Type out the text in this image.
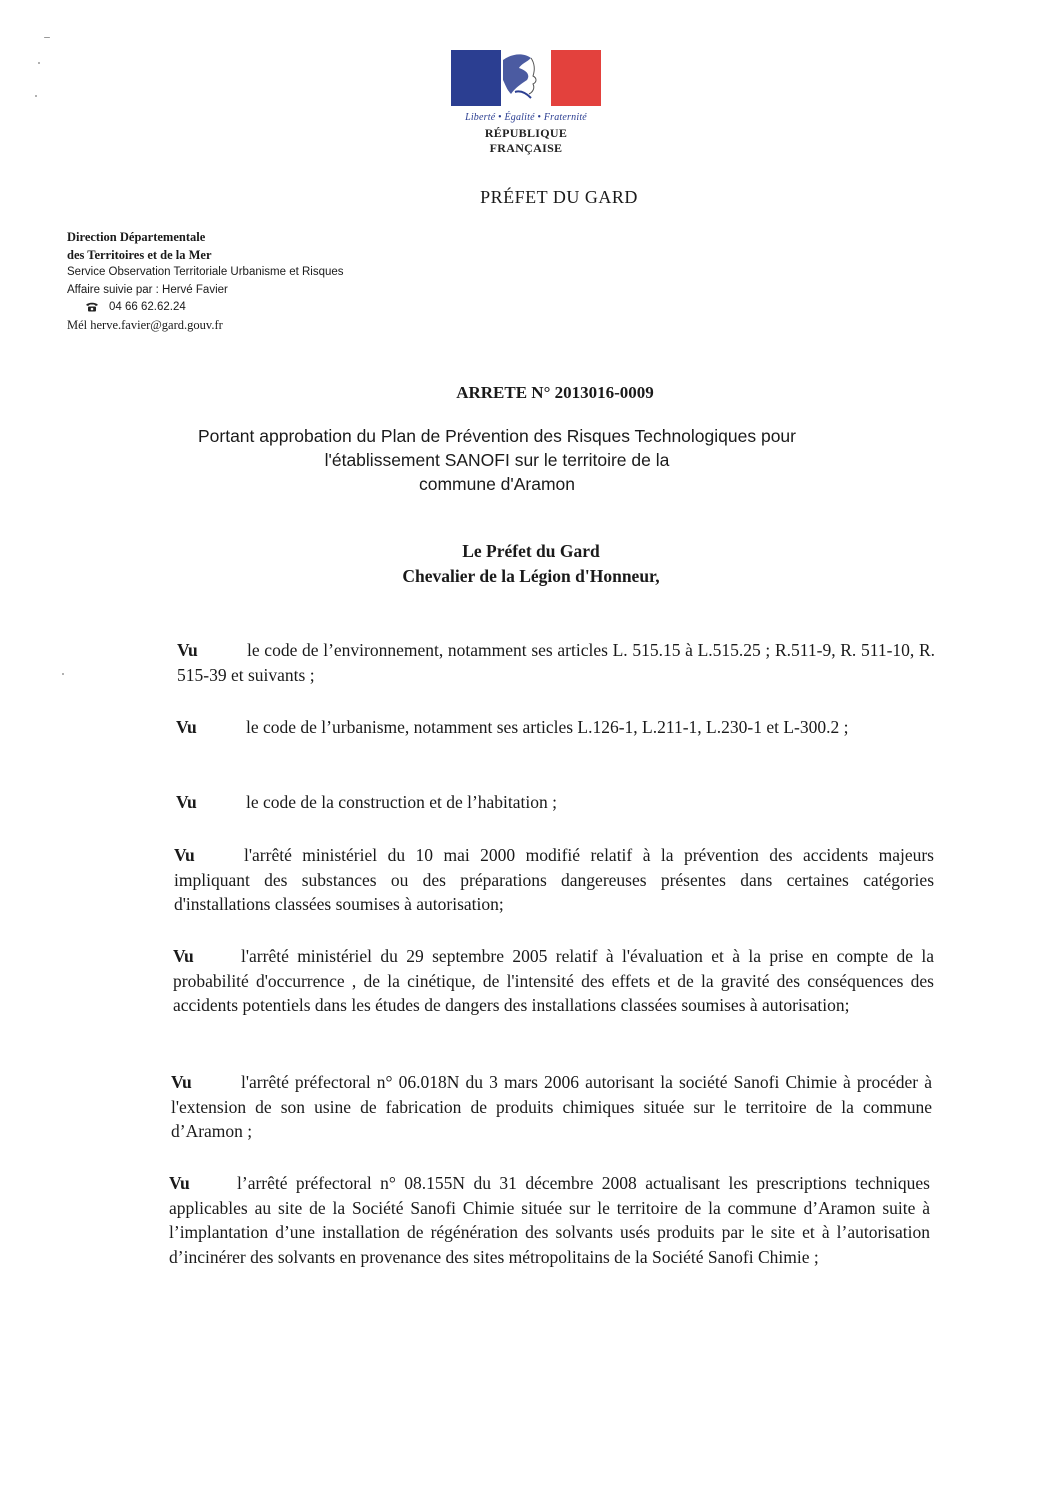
Liberté • Égalité • Fraternité
RÉPUBLIQUE FRANÇAISE
PRÉFET DU GARD
Direction Départementale
des Territoires et de la Mer
Service Observation Territoriale Urbanisme et Risques
Affaire suivie par : Hervé Favier
04 66 62.62.24
Mél herve.favier@gard.gouv.fr
ARRETE N° 2013016-0009
Portant approbation du Plan de Prévention des Risques Technologiques pour
l'établissement SANOFI sur le territoire de la
commune d'Aramon
Le Préfet du Gard
Chevalier de la Légion d'Honneur,
Vu	le code de l’environnement, notamment ses articles L. 515.15 à L.515.25 ; R.511-9, R. 511-10, R. 515-39 et suivants ;
Vu	le code de l’urbanisme, notamment ses articles L.126-1, L.211-1, L.230-1 et L-300.2 ;
Vu	le code de la construction et de l’habitation ;
Vu	l'arrêté ministériel du 10 mai 2000 modifié relatif à la prévention des accidents majeurs impliquant des substances ou des préparations dangereuses présentes dans certaines catégories d'installations classées soumises à autorisation;
Vu	l'arrêté ministériel du 29 septembre 2005 relatif à l'évaluation et à la prise en compte de la probabilité d'occurrence , de la cinétique, de l'intensité des effets et de la gravité des conséquences des accidents potentiels dans les études de dangers des installations classées soumises à autorisation;
Vu	l'arrêté préfectoral n° 06.018N du 3 mars 2006 autorisant la société Sanofi Chimie à procéder à l'extension de son usine de fabrication de produits chimiques située sur le territoire de la commune d’Aramon ;
Vu	l’arrêté préfectoral n° 08.155N du 31 décembre 2008 actualisant les prescriptions techniques applicables au site de la Société Sanofi Chimie située sur le territoire de la commune d’Aramon suite à l’implantation d’une installation de régénération des solvants usés produits par le site et à l’autorisation d’incinérer des solvants en provenance des sites métropolitains de la Société Sanofi Chimie ;
